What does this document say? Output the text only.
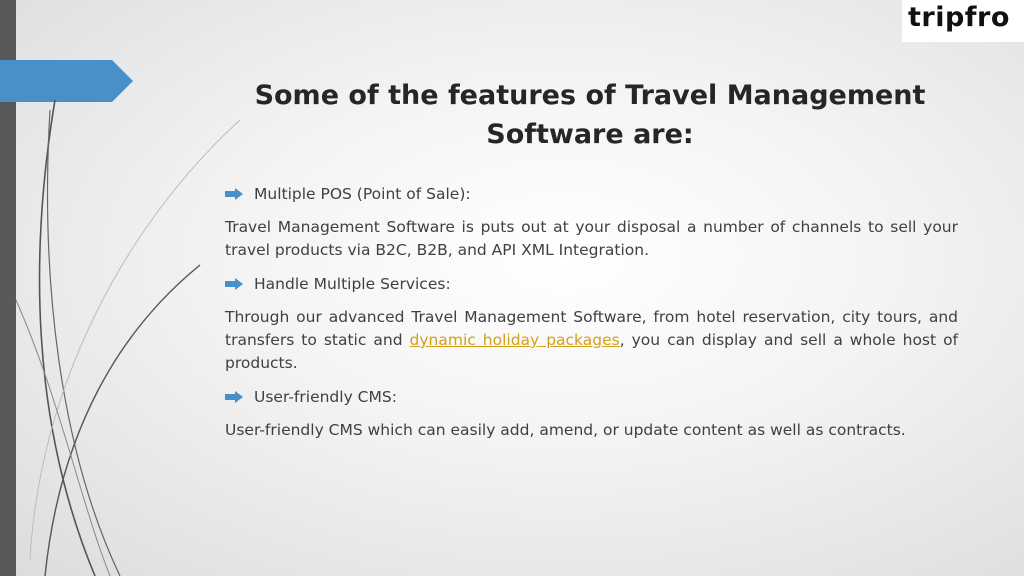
tripfro
Some of the features of Travel Management Software are:
Multiple POS (Point of Sale):

Travel Management Software is puts out at your disposal a number of channels to sell your travel products via B2C, B2B, and API XML Integration.

Handle Multiple Services:

Through our advanced Travel Management Software, from hotel reservation, city tours, and transfers to static and dynamic holiday packages, you can display and sell a whole host of products.

User-friendly CMS:

User-friendly CMS which can easily add, amend, or update content as well as contracts.
